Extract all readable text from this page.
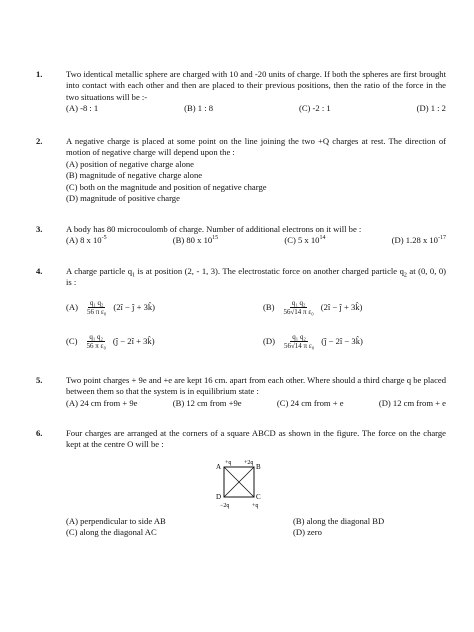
1.	Two identical metallic sphere are charged with 10 and -20 units of charge. If both the spheres are first brought into contact with each other and then are placed to their previous positions, then the ratio of the force in the two situations will be :-
(A) -8 : 1	(B) 1 : 8	(C) -2 : 1	(D) 1 : 2
2.	A negative charge is placed at some point on the line joining the two +Q charges at rest. The direction of motion of negative charge will depend upon the :
(A) position of negative charge alone
(B) magnitude of negative charge alone
(C) both on the magnitude and position of negative charge
(D) magnitude of positive charge
3.	A body has 80 microcoulomb of charge. Number of additional electrons on it will be :
(A) 8 x $10^{-5}$	(B) 80 x $10^{15}$	(C) 5 x $10^{14}$	(D) 1.28 x $10^{-17}$
4.	A charge particle $q_1$ is at position (2, - 1, 3). The electrostatic force on another charged particle $q_2$ at (0, 0, 0) is :
$(A) \frac{\text{q₁ q₂}}{\text{56 π ε₀}}$ (2î − ĵ + 3k̂)	$(B) \frac{\text{q₁ q₂}}{\text{56√14 π ε₀}}$ (2î − ĵ + 3k̂)
$(C) \frac{\text{q₁ q₂}}{\text{56 π ε₀}}$ (ĵ − 2î + 3k̂)	$(D) \frac{\text{q₁ q₂}}{\text{56√14 π ε₀}}$ (ĵ − 2î − 3k̂)
5.	Two point charges + 9e and +e are kept 16 cm. apart from each other. Where should a third charge q be placed between them so that the system is in equilibrium state :
(A) 24 cm from + 9e	(B) 12 cm from +9e	(C) 24 cm from + e	(D) 12 cm from + e
6.	Four charges are arranged at the corners of a square ABCD as shown in the figure. The force on the charge kept at the centre O will be :
A +q	B
+2q
C
+q
D
−2q
(A) perpendicular to side AB	(B) along the diagonal BD
(C) along the diagonal AC	(D) zero
